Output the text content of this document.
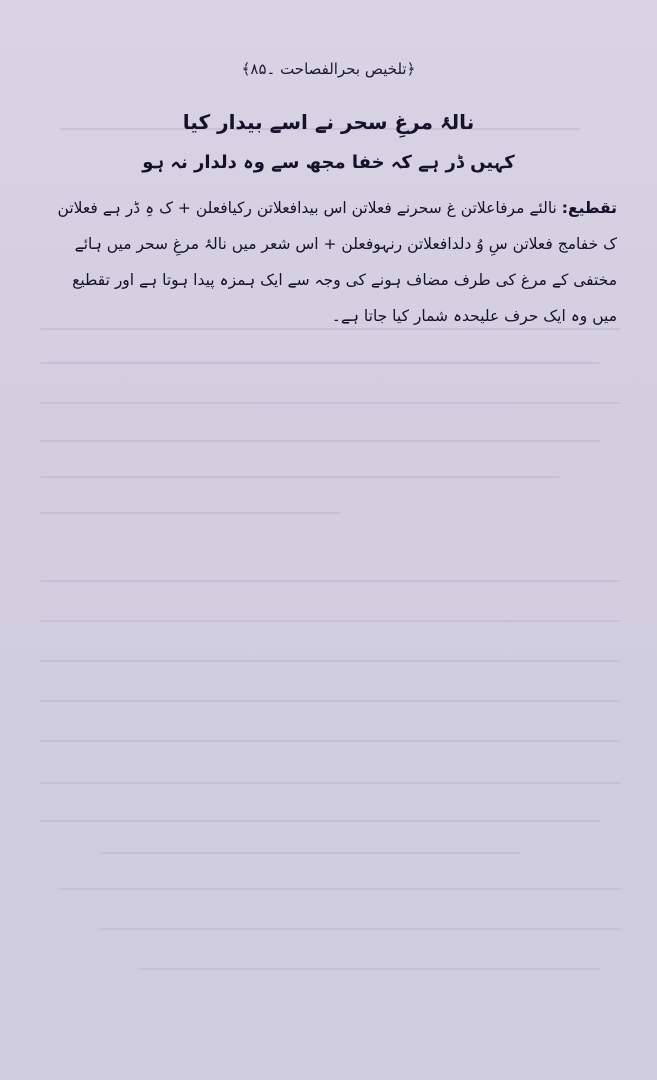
﴿تلخیص بحرالفصاحت ۔۸۵﴾
نالۂ مرغِ سحر نے اسے بیدار کیا
کہیں ڈر ہے کہ خفا مجھ سے وہ دلدار نہ ہو
تقطیع: نالئے مرفاعلاتن غ سحرنے فعلاتن اس بیدافعلاتن رکیافعلن + ک ہِ ڈر ہے فعلاتن ک خفامج فعلاتن سِ وُ دلدافعلاتن رنہوفعلن + اس شعر میں نالۂ مرغِ سحر میں ہائے مختفی کے مرغ کی طرف مضاف ہونے کی وجہ سے ایک ہمزہ پیدا ہوتا ہے اور تقطیع میں وہ ایک حرف علیحدہ شمار کیا جاتا ہے۔
